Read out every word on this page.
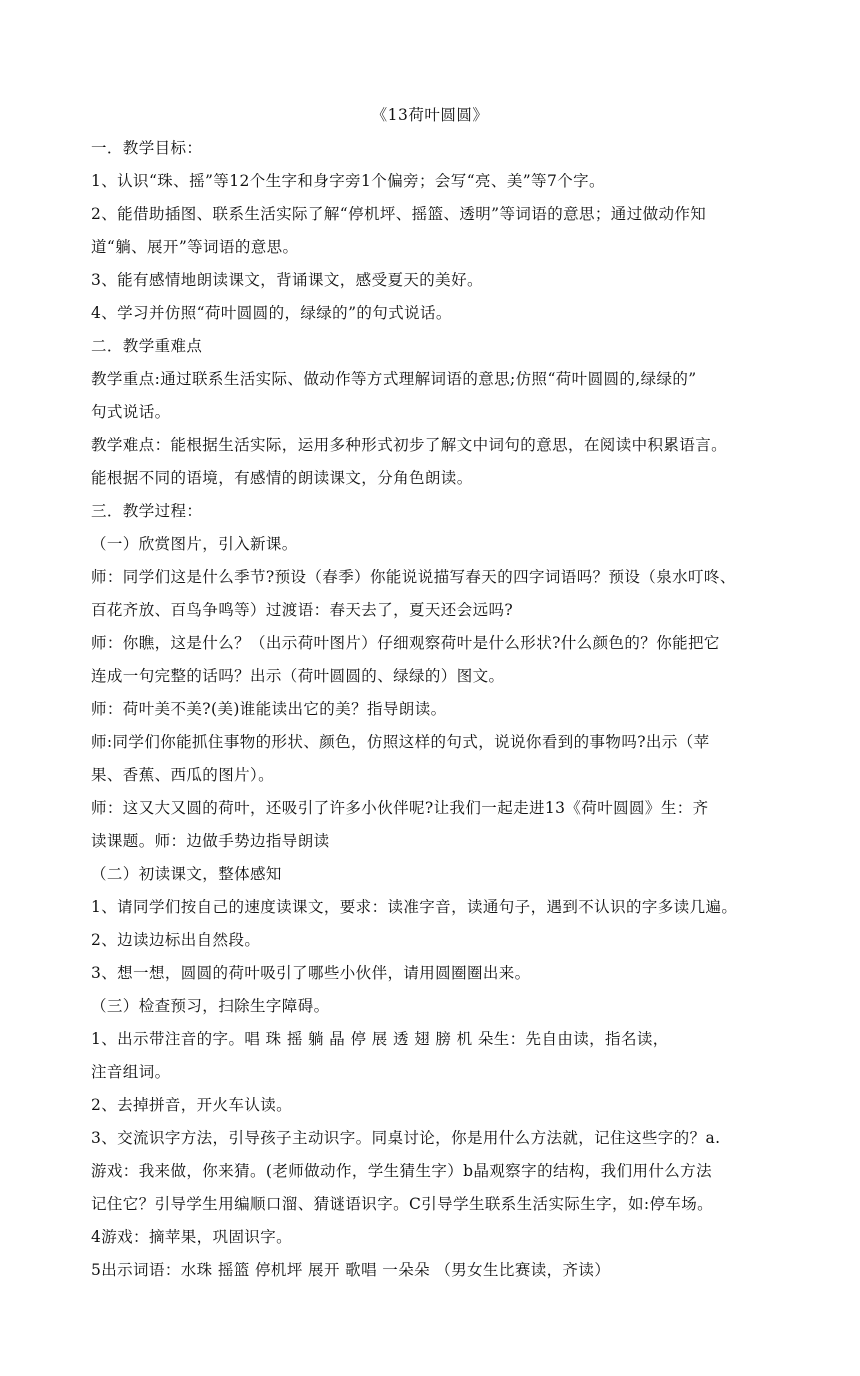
《13荷叶圆圆》
一．教学目标：
1、认识“珠、摇”等12个生字和身字旁1个偏旁；会写“亮、美”等7个字。
2、能借助插图、联系生活实际了解“停机坪、摇篮、透明”等词语的意思；通过做动作知
道“躺、展开”等词语的意思。
3、能有感情地朗读课文，背诵课文，感受夏天的美好。
4、学习并仿照“荷叶圆圆的，绿绿的”的句式说话。
二．教学重难点
教学重点:通过联系生活实际、做动作等方式理解词语的意思;仿照“荷叶圆圆的,绿绿的”
句式说话。
教学难点：能根据生活实际，运用多种形式初步了解文中词句的意思，在阅读中积累语言。
能根据不同的语境，有感情的朗读课文，分角色朗读。
三．教学过程：
（一）欣赏图片，引入新课。
师：同学们这是什么季节?预设（春季）你能说说描写春天的四字词语吗？预设（泉水叮咚、
百花齐放、百鸟争鸣等）过渡语：春天去了，夏天还会远吗?
师：你瞧，这是什么？（出示荷叶图片）仔细观察荷叶是什么形状?什么颜色的？你能把它
连成一句完整的话吗？出示（荷叶圆圆的、绿绿的）图文。
师：荷叶美不美?(美)谁能读出它的美？指导朗读。
师:同学们你能抓住事物的形状、颜色，仿照这样的句式，说说你看到的事物吗?出示（苹
果、香蕉、西瓜的图片）。
师：这又大又圆的荷叶，还吸引了许多小伙伴呢?让我们一起走进13《荷叶圆圆》生：齐
读课题。师：边做手势边指导朗读
（二）初读课文，整体感知
1、请同学们按自己的速度读课文，要求：读准字音，读通句子，遇到不认识的字多读几遍。
2、边读边标出自然段。
3、想一想，圆圆的荷叶吸引了哪些小伙伴，请用圆圈圈出来。
（三）检查预习，扫除生字障碍。
1、出示带注音的字。唱 珠 摇 躺 晶 停 展 透 翅 膀 机 朵生：先自由读，指名读，
注音组词。
2、去掉拼音，开火车认读。
3、交流识字方法，引导孩子主动识字。同桌讨论，你是用什么方法就，记住这些字的？a.
游戏：我来做，你来猜。(老师做动作，学生猜生字）b晶观察字的结构，我们用什么方法
记住它？引导学生用编顺口溜、猜谜语识字。C引导学生联系生活实际生字，如:停车场。
4游戏：摘苹果，巩固识字。
5出示词语：水珠 摇篮 停机坪 展开 歌唱 一朵朵 （男女生比赛读，齐读）
